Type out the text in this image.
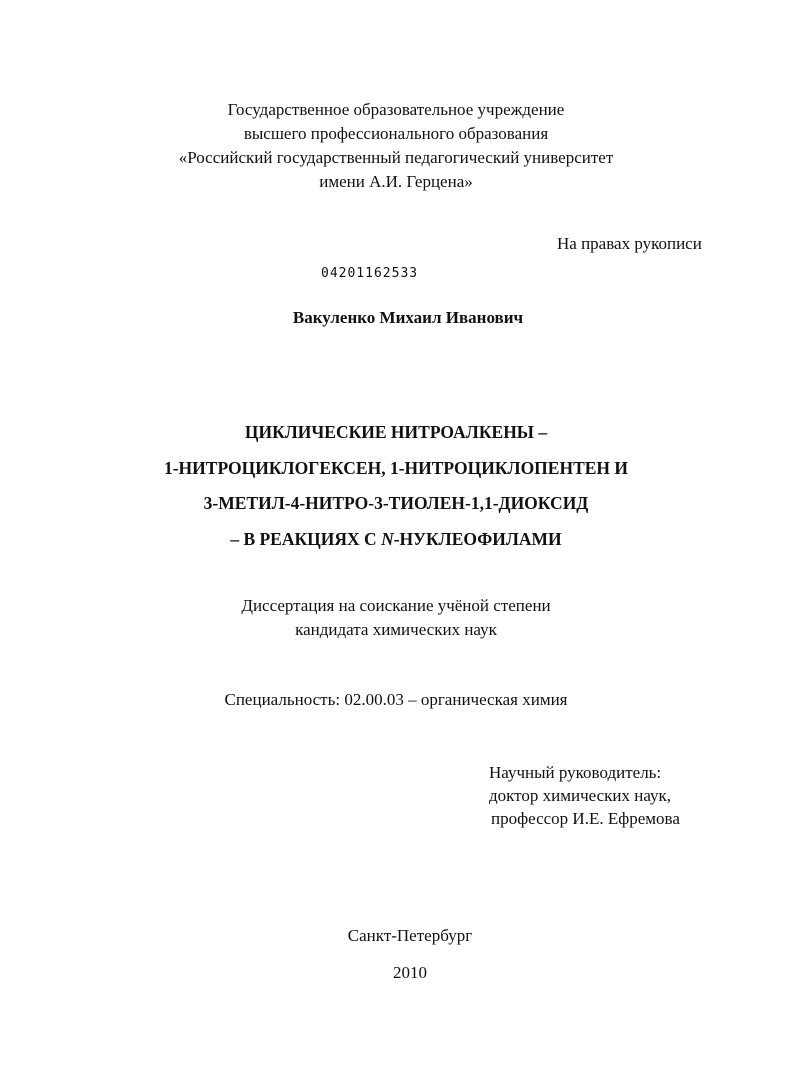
Государственное образовательное учреждение
высшего профессионального образования
«Российский государственный педагогический университет
имени А.И. Герцена»
На правах рукописи
04201162533
Вакуленко Михаил Иванович
ЦИКЛИЧЕСКИЕ НИТРОАЛКЕНЫ –
1-НИТРОЦИКЛОГЕКСЕН, 1-НИТРОЦИКЛОПЕНТЕН И
3-МЕТИЛ-4-НИТРО-3-ТИОЛЕН-1,1-ДИОКСИД
– В РЕАКЦИЯХ С N-НУКЛЕОФИЛАМИ
Диссертация на соискание учёной степени
кандидата химических наук
Специальность: 02.00.03 – органическая химия
Научный руководитель:
доктор химических наук,
профессор И.Е. Ефремова
Санкт-Петербург
2010
